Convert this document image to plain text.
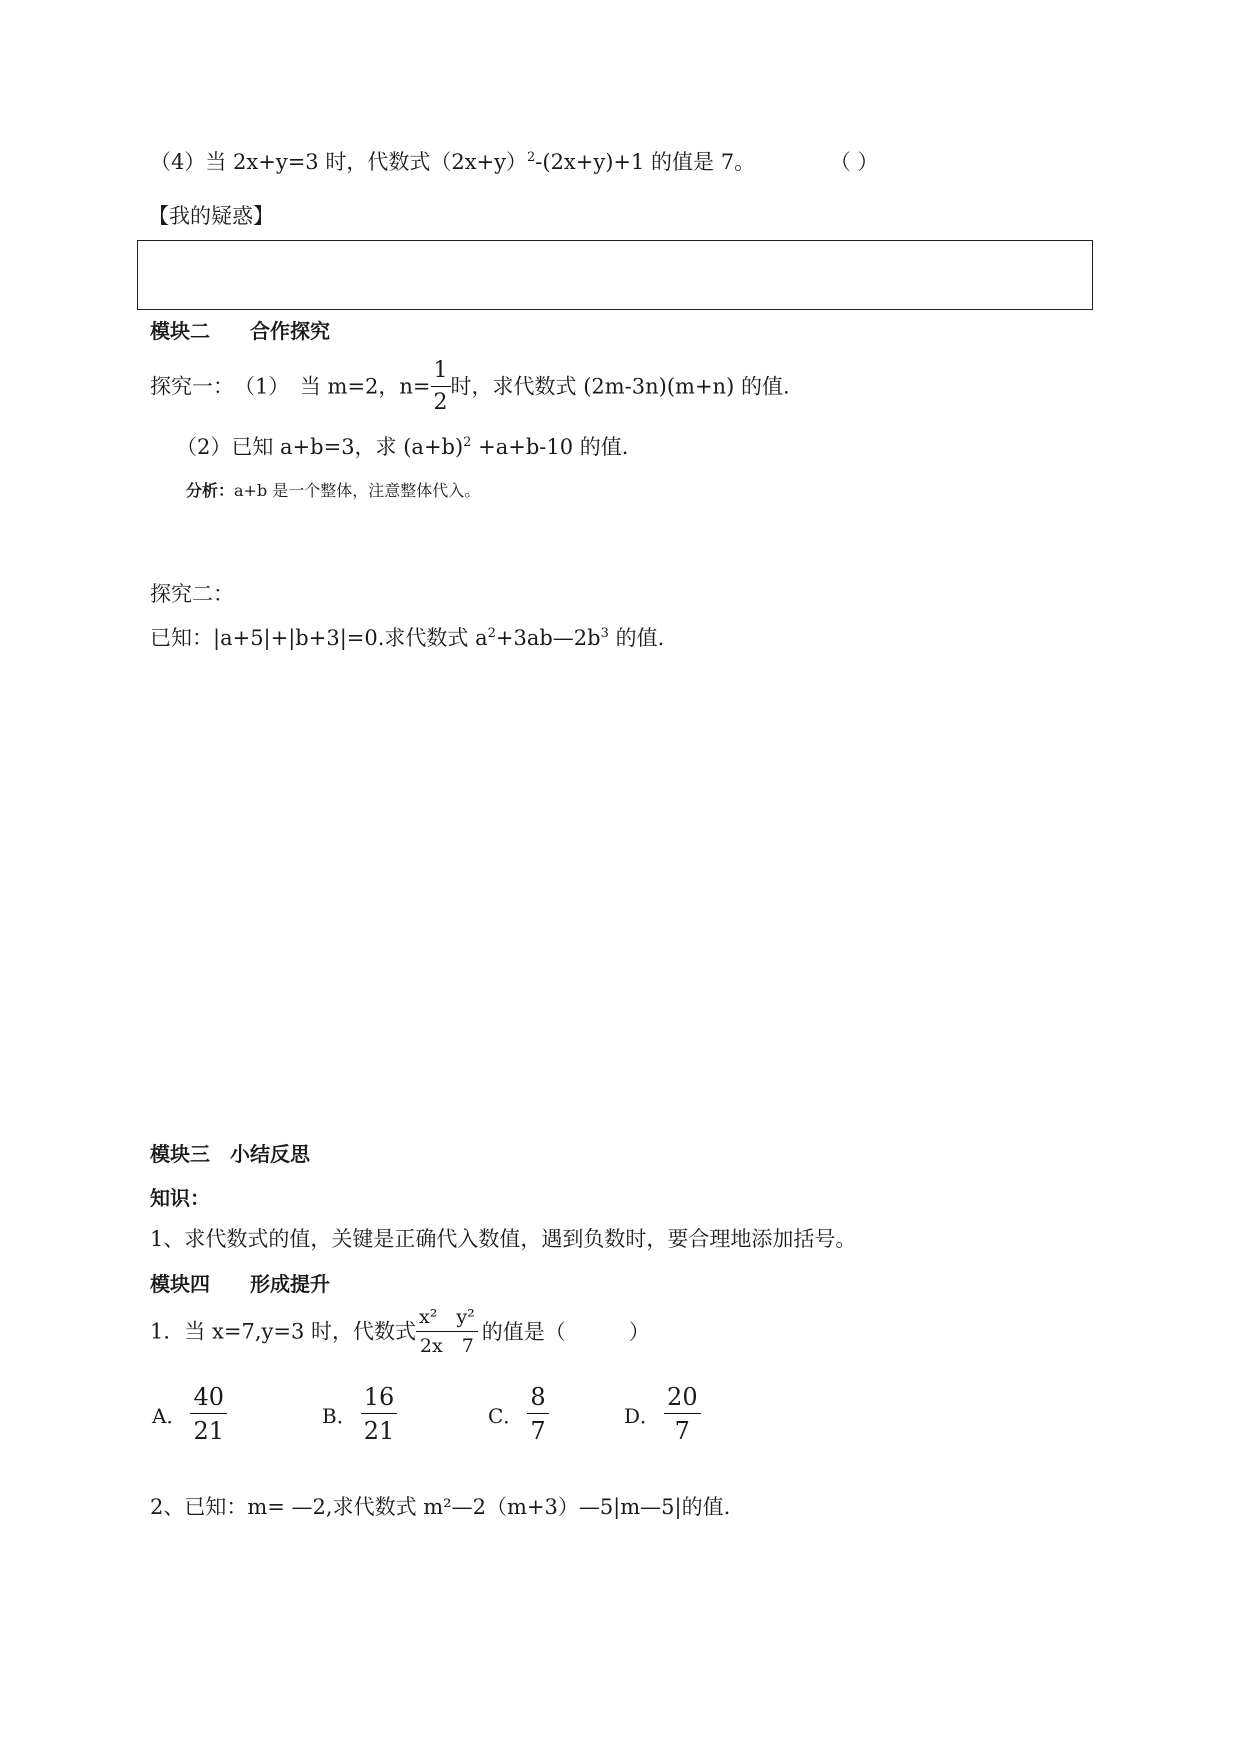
（4）当 2x+y=3 时，代数式$(2x+y)^2-(2x+y)+1$ 的值是 7。	（ ）
【我的疑惑】
模块二　　合作探究
探究一：　（1）　当 m=2，$n= \frac{1}{2}$ 时，求代数式 (2m-3n)(m+n) 的值.
（2）已知 a+b=3，求 $(a+b)^2 +a+b-10$ 的值.
分析：a+b 是一个整体，注意整体代入。
探究二：
已知：|a+5|+|b+3|=0.求代数式 $a^2+3ab—2b^3$ 的值.
模块三　小结反思
知识：
1、求代数式的值，关键是正确代入数值，遇到负数时，要合理地添加括号。
模块四　　形成提升
1．当 x=7,y=3 时，代数式 $\frac{\text{x²　y²}}{2x 7}$ 的值是（　　　）
A． $\frac{40}{21}$	B． $\frac{16}{21}$	C． $\frac{8}{7}$	D． $\frac{20}{7}$
2、已知：m= —2,求代数式 m²—2（m+3）—5|m—5|的值.
